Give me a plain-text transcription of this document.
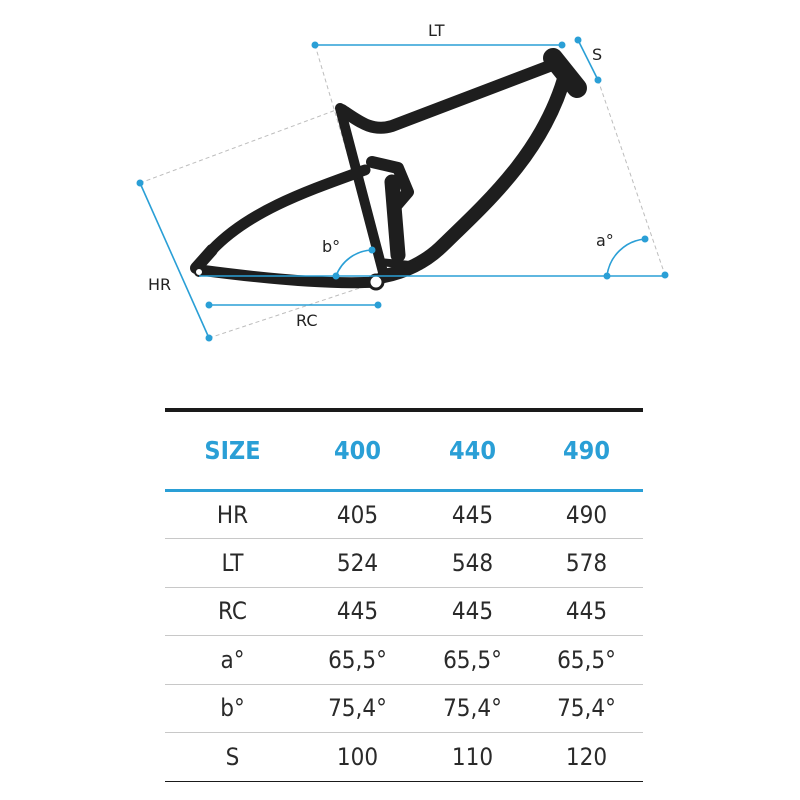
LT
S
HR
RC
a°
b°
SIZE	400	440	490
HR	405	445	490
LT	524	548	578
RC	445	445	445
a°	65,5°	65,5°	65,5°
b°	75,4°	75,4°	75,4°
S	100	110	120
